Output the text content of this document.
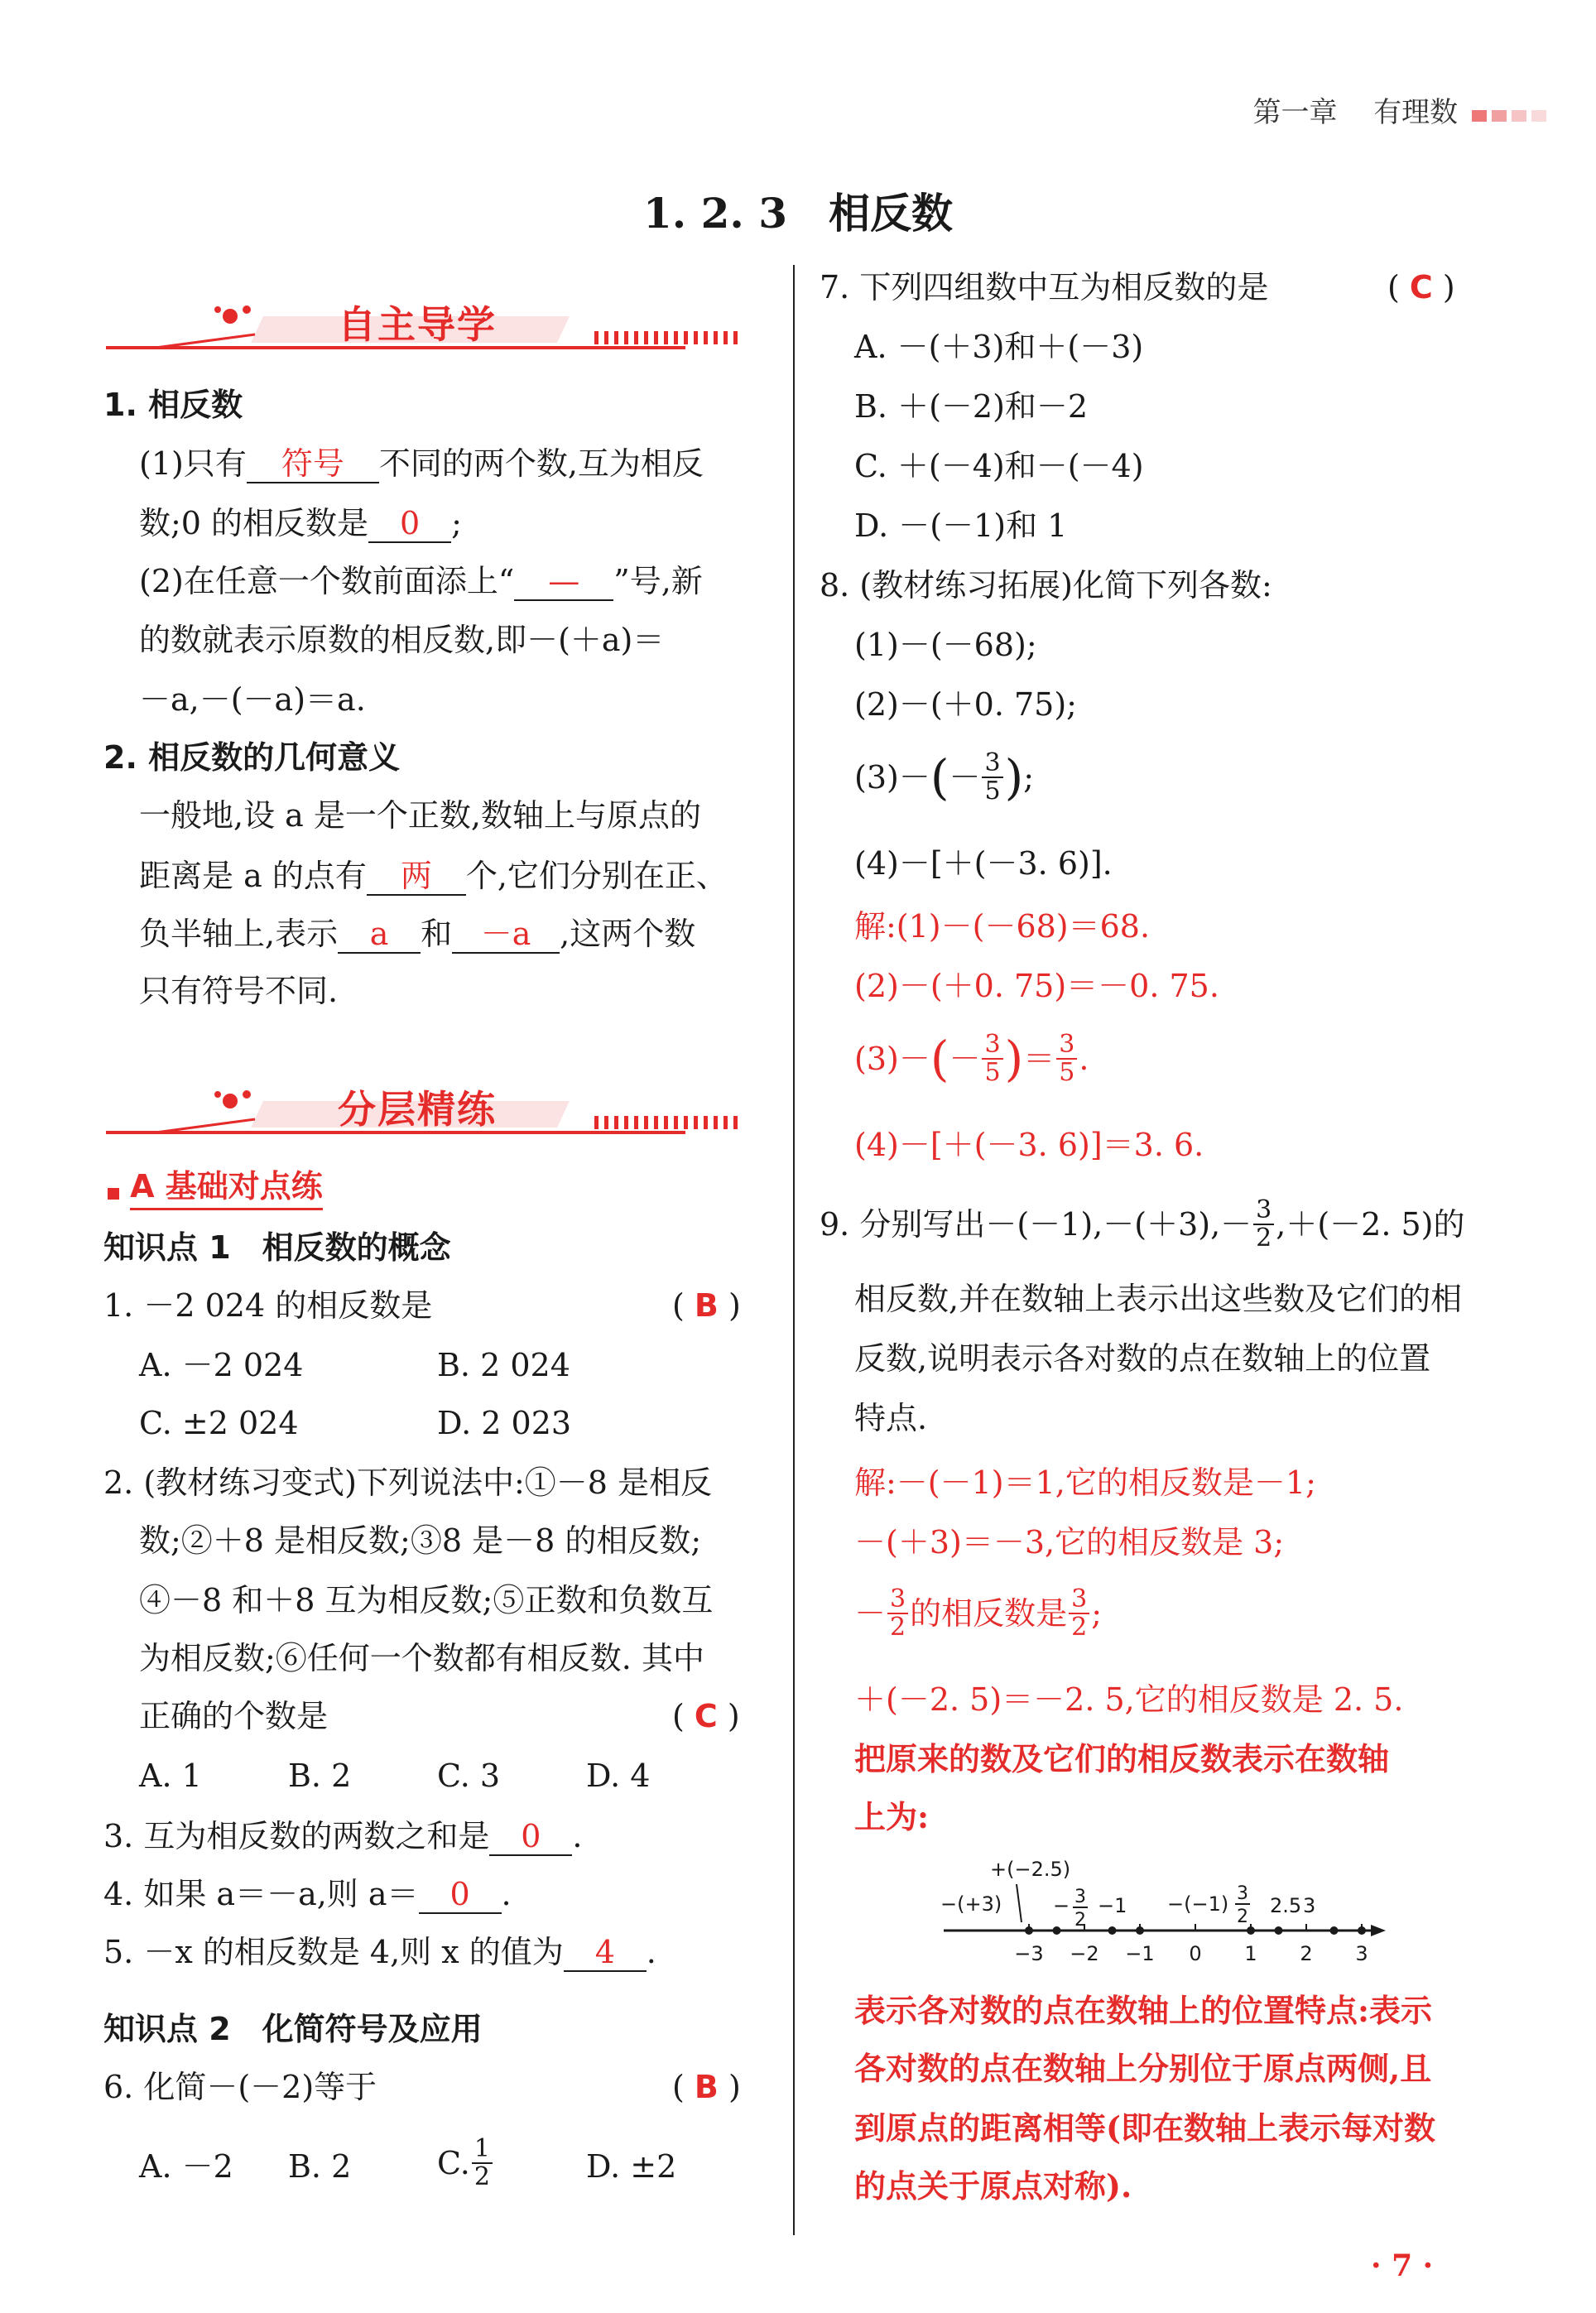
第一章 有理数
1. 2. 3　相反数
自主导学
1. 相反数
(1)只有 符号 不同的两个数,互为相反
数;0 的相反数是 0 ;
(2)在任意一个数前面添上“ — ”号,新
的数就表示原数的相反数,即－(＋a)＝
－a,－(－a)＝a.
2. 相反数的几何意义
一般地,设 a 是一个正数,数轴上与原点的
距离是 a 的点有 两 个,它们分别在正、
负半轴上,表示 a 和 －a ,这两个数
只有符号不同.
分层精练
A 基础对点练
知识点 1　相反数的概念
1. －2 024 的相反数是	( B )
A. －2 024	B. 2 024
C. ±2 024	D. 2 023
2. (教材练习变式)下列说法中:①－8 是相反
数;②＋8 是相反数;③8 是－8 的相反数;
④－8 和＋8 互为相反数;⑤正数和负数互
为相反数;⑥任何一个数都有相反数. 其中
正确的个数是	( C )
A. 1	B. 2	C. 3	D. 4
3. 互为相反数的两数之和是 0 .
4. 如果 a＝－a,则 a＝ 0 .
5. －x 的相反数是 4,则 x 的值为 4 .
知识点 2　化简符号及应用
6. 化简－(－2)等于	( B )
A. －2 B. 2	C. $\frac{1}{2}$	D. ±2
7. 下列四组数中互为相反数的是	( C )
A. －(＋3)和＋(－3)
B. ＋(－2)和－2
C. ＋(－4)和－(－4)
D. －(－1)和 1
8. (教材练习拓展)化简下列各数:
(1)－(－68);
(2)－(＋0. 75);
(3)－ ( － $\frac{3}{5}$ ) ;
(4)－[＋(－3. 6)].
解:(1)－(－68)＝68.
(2)－(＋0. 75)＝－0. 75.
(3)－ ( － $\frac{3}{5}$ ) ＝ $\frac{3}{5}$ .
(4)－[＋(－3. 6)]＝3. 6.
9. 分别写出$-(-1),-(+3),- \frac{3}{2} ,+(-2$. 5)的
相反数,并在数轴上表示出这些数及它们的相
反数,说明表示各对数的点在数轴上的位置
特点.
解:－(－1)＝1,它的相反数是－1;
－(＋3)＝－3,它的相反数是 3;
－ $\frac{3}{2}$ 的相反数是 $\frac{3}{2}$ ;
＋(－2. 5)＝－2. 5,它的相反数是 2. 5.
把原来的数及它们的相反数表示在数轴
上为:
−3 −2 −1 0 1 2 3
+(−2.5)
−(+3)	− 3
2
−1 −(−1) 3
2 2.5 3
表示各对数的点在数轴上的位置特点:表示
各对数的点在数轴上分别位于原点两侧,且
到原点的距离相等(即在数轴上表示每对数
的点关于原点对称).
· 7 ·
